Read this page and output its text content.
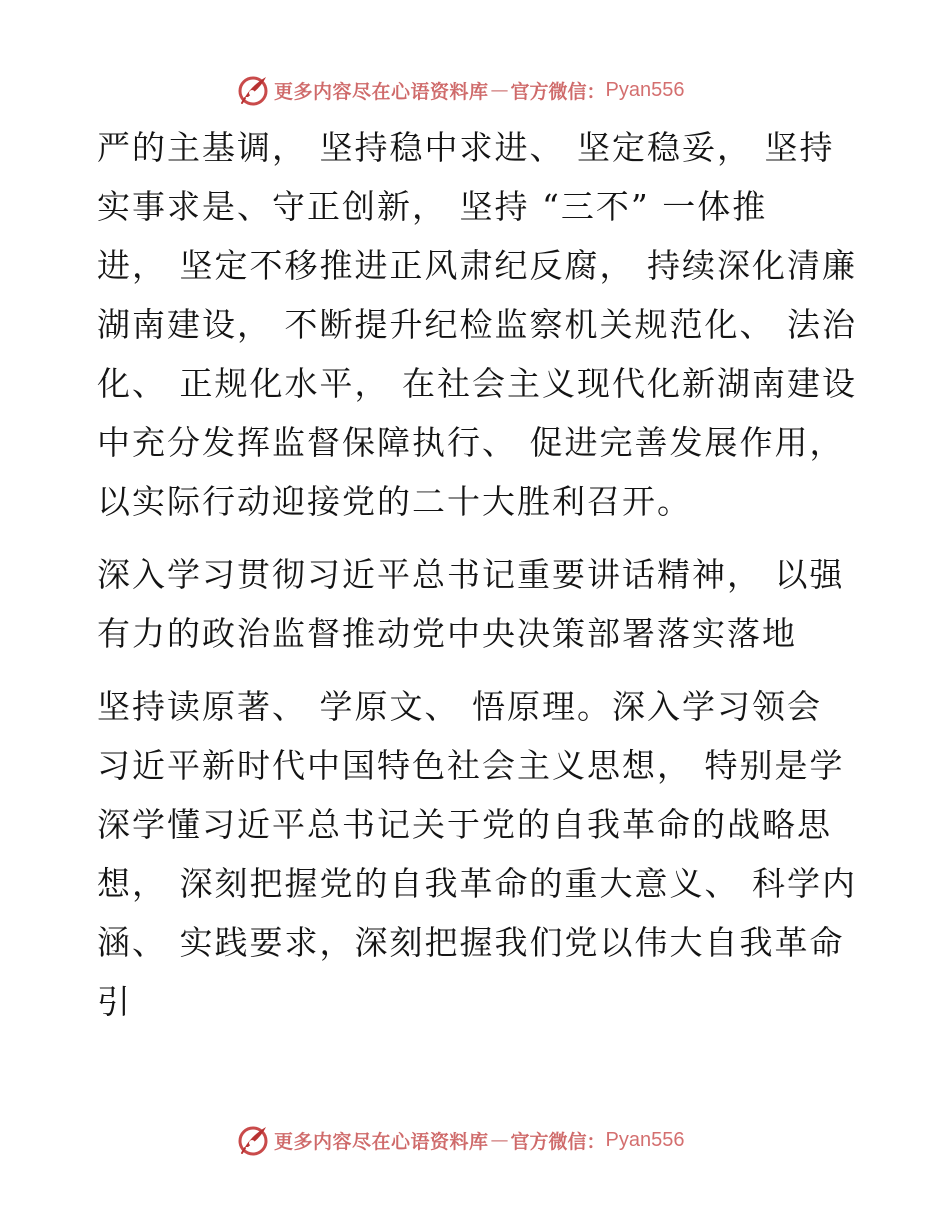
更多内容尽在心语资料库 — 官方微信： Pyan556

严的主基调， 坚持稳中求进、 坚定稳妥， 坚持
实事求是、守正创新， 坚持 “三不” 一体推
进， 坚定不移推进正风肃纪反腐， 持续深化清廉
湖南建设， 不断提升纪检监察机关规范化、 法治
化、 正规化水平， 在社会主义现代化新湖南建设
中充分发挥监督保障执行、 促进完善发展作用，
以实际行动迎接党的二十大胜利召开。

深入学习贯彻习近平总书记重要讲话精神， 以强
有力的政治监督推动党中央决策部署落实落地

坚持读原著、 学原文、 悟原理。深入学习领会
习近平新时代中国特色社会主义思想， 特别是学
深学懂习近平总书记关于党的自我革命的战略思
想， 深刻把握党的自我革命的重大意义、 科学内
涵、 实践要求，深刻把握我们党以伟大自我革命
引

更多内容尽在心语资料库 — 官方微信： Pyan556
